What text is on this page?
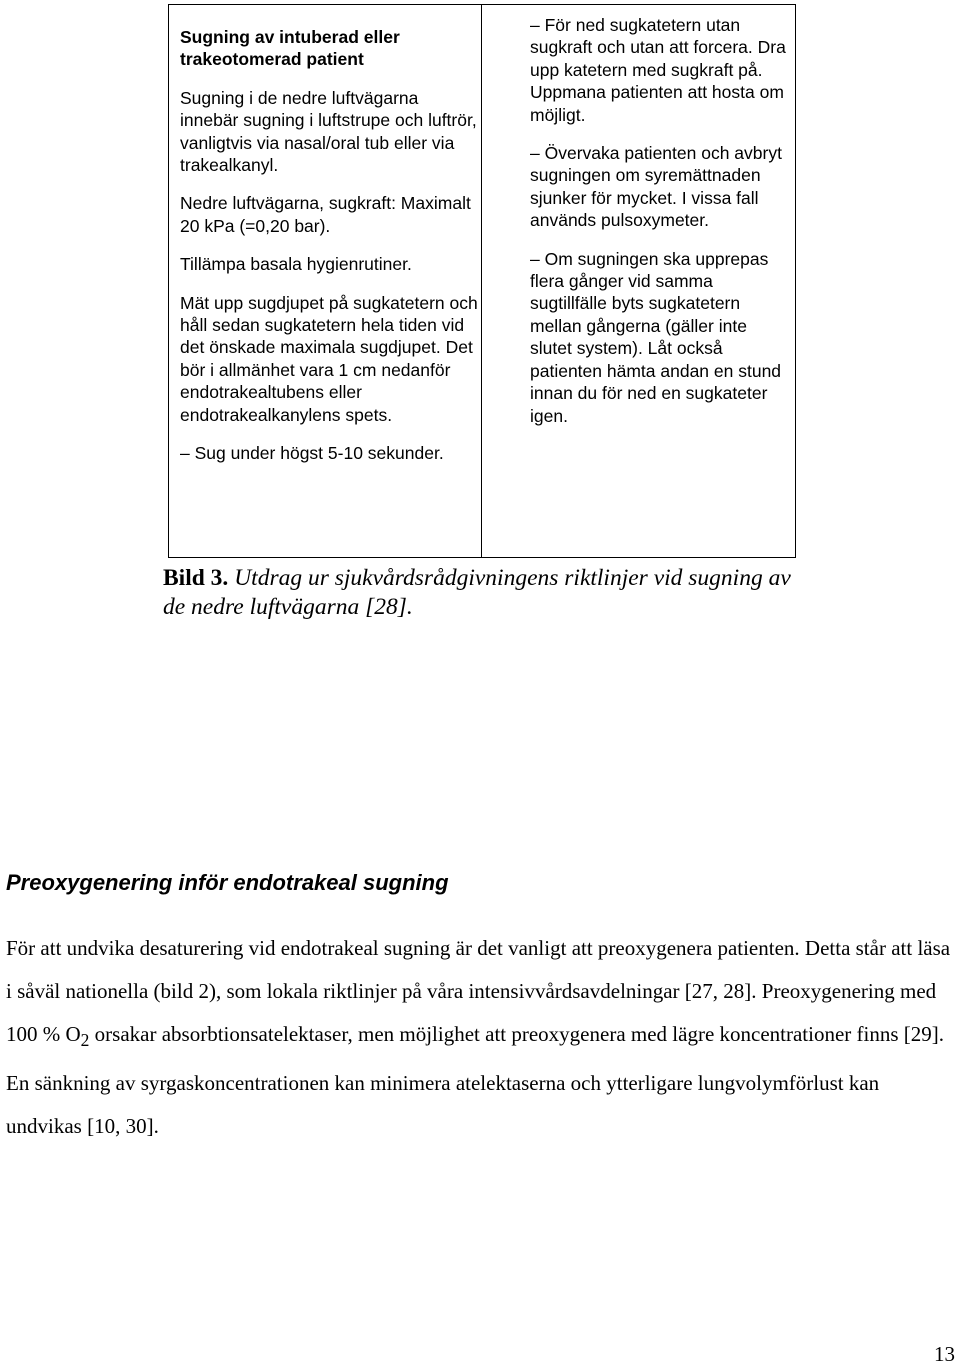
Sugning av intuberad eller trakeotomerad patient

Sugning i de nedre luftvägarna innebär sugning i luftstrupe och luftrör, vanligtvis via nasal/oral tub eller via trakealkanyl.

Nedre luftvägarna, sugkraft: Maximalt 20 kPa (=0,20 bar).

Tillämpa basala hygienrutiner.

Mät upp sugdjupet på sugkatetern och håll sedan sugkatetern hela tiden vid det önskade maximala sugdjupet. Det bör i allmänhet vara 1 cm nedanför endotrakealtubens eller endotrakealkanylens spets.

– Sug under högst 5-10 sekunder.

– För ned sugkatetern utan sugkraft och utan att forcera. Dra upp katetern med sugkraft på. Uppmana patienten att hosta om möjligt.

– Övervaka patienten och avbryt sugningen om syremättnaden sjunker för mycket. I vissa fall används pulsoxymeter.

– Om sugningen ska upprepas flera gånger vid samma sugtillfälle byts sugkatetern mellan gångerna (gäller inte slutet system). Låt också patienten hämta andan en stund innan du för ned en sugkateter igen.

Bild 3. Utdrag ur sjukvårdsrådgivningens riktlinjer vid sugning av de nedre luftvägarna [28].
Preoxygenering inför endotrakeal sugning

För att undvika desaturering vid endotrakeal sugning är det vanligt att preoxygenera patienten. Detta står att läsa i såväl nationella (bild 2), som lokala riktlinjer på våra intensivvårdsavdelningar [27, 28]. Preoxygenering med 100 % $O_2$ orsakar absorbtionsatelektaser, men möjlighet att preoxygenera med lägre koncentrationer finns [29]. En sänkning av syrgaskoncentrationen kan minimera atelektaserna och ytterligare lungvolymförlust kan undvikas [10, 30].

13
